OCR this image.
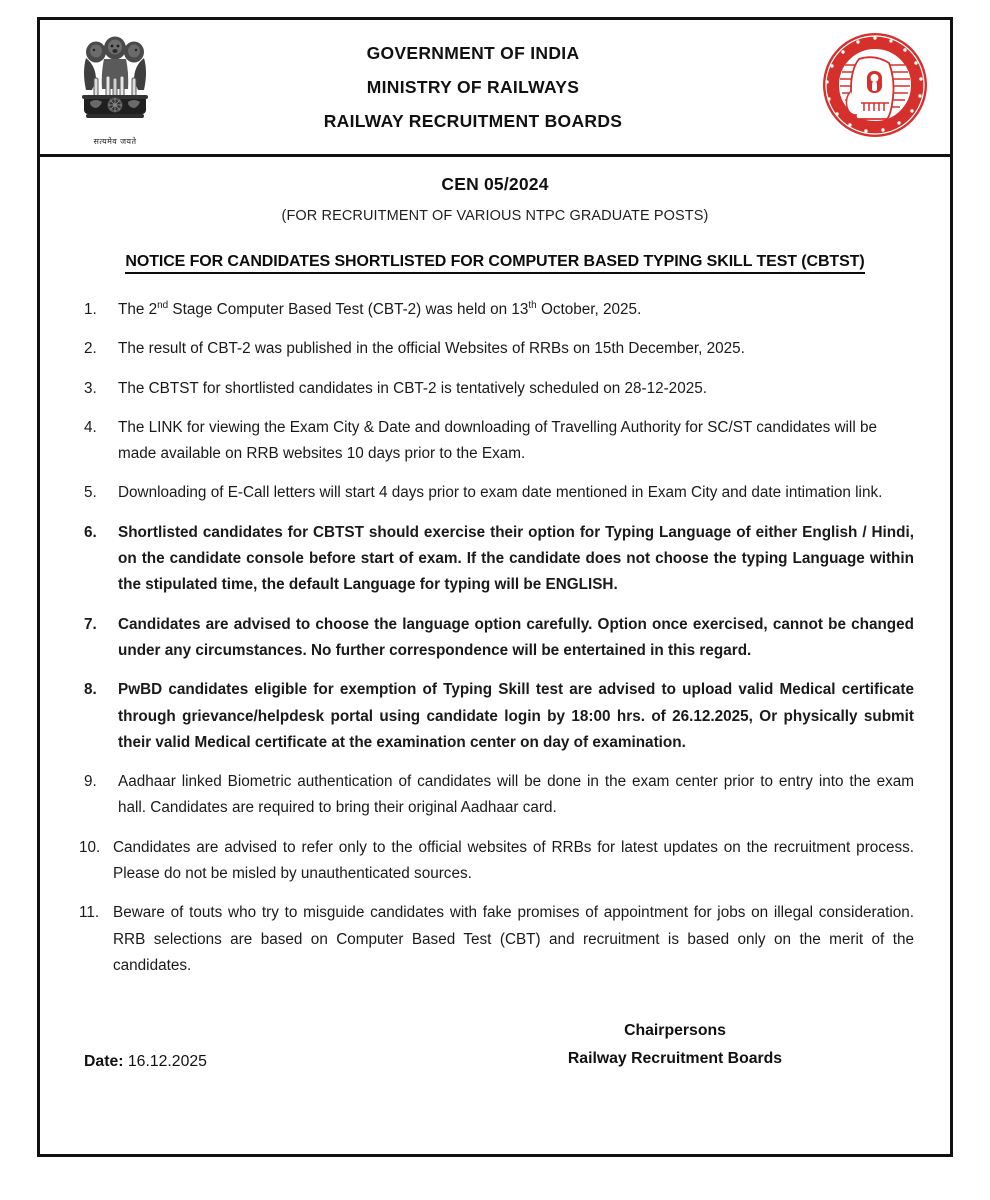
सत्यमेव जयते
GOVERNMENT OF INDIA
MINISTRY OF RAILWAYS
RAILWAY RECRUITMENT BOARDS
CEN 05/2024
(FOR RECRUITMENT OF VARIOUS NTPC GRADUATE POSTS)
NOTICE FOR CANDIDATES SHORTLISTED FOR COMPUTER BASED TYPING SKILL TEST (CBTST)
1.	The 2nd Stage Computer Based Test (CBT-2) was held on 13th October, 2025.
2.	The result of CBT-2 was published in the official Websites of RRBs on 15th December, 2025.
3.	The CBTST for shortlisted candidates in CBT-2 is tentatively scheduled on 28-12-2025.
4.	The LINK for viewing the Exam City & Date and downloading of Travelling Authority for SC/ST candidates will be made available on RRB websites 10 days prior to the Exam.
5.	Downloading of E-Call letters will start 4 days prior to exam date mentioned in Exam City and date intimation link.
6.	Shortlisted candidates for CBTST should exercise their option for Typing Language of either English / Hindi, on the candidate console before start of exam. If the candidate does not choose the typing Language within the stipulated time, the default Language for typing will be ENGLISH.
7.	Candidates are advised to choose the language option carefully. Option once exercised, cannot be changed under any circumstances. No further correspondence will be entertained in this regard.
8.	PwBD candidates eligible for exemption of Typing Skill test are advised to upload valid Medical certificate through grievance/helpdesk portal using candidate login by 18:00 hrs. of 26.12.2025, Or physically submit their valid Medical certificate at the examination center on day of examination.
9.	Aadhaar linked Biometric authentication of candidates will be done in the exam center prior to entry into the exam hall. Candidates are required to bring their original Aadhaar card.
10. Candidates are advised to refer only to the official websites of RRBs for latest updates on the recruitment process. Please do not be misled by unauthenticated sources.
11. Beware of touts who try to misguide candidates with fake promises of appointment for jobs on illegal consideration. RRB selections are based on Computer Based Test (CBT) and recruitment is based only on the merit of the candidates.
Chairpersons
Railway Recruitment Boards
Date: 16.12.2025
